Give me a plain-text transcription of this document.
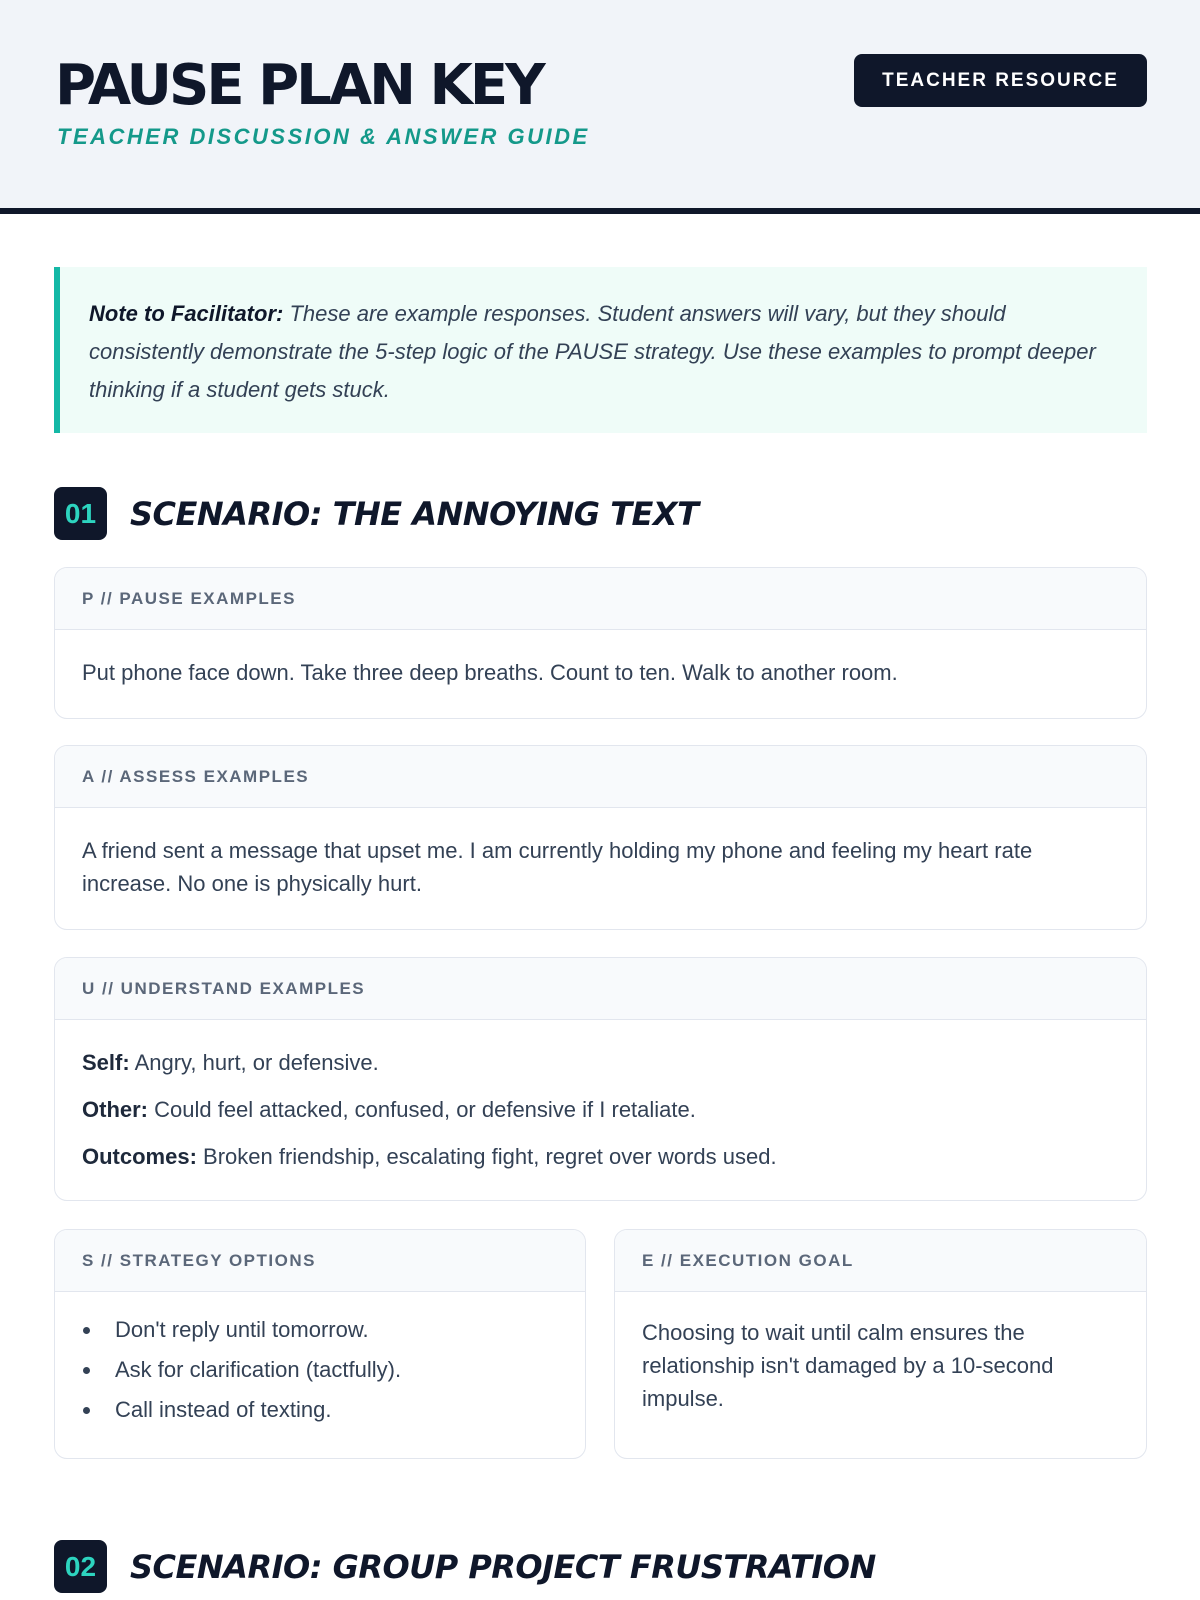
PAUSE PLAN KEY
TEACHER DISCUSSION & ANSWER GUIDE
TEACHER RESOURCE
Note to Facilitator: These are example responses. Student answers will vary, but they should consistently demonstrate the 5-step logic of the PAUSE strategy. Use these examples to prompt deeper thinking if a student gets stuck.
01	SCENARIO: THE ANNOYING TEXT
P // PAUSE EXAMPLES
Put phone face down. Take three deep breaths. Count to ten. Walk to another room.
A // ASSESS EXAMPLES
A friend sent a message that upset me. I am currently holding my phone and feeling my heart rate increase. No one is physically hurt.
U // UNDERSTAND EXAMPLES
Self: Angry, hurt, or defensive.
Other: Could feel attacked, confused, or defensive if I retaliate.
Outcomes: Broken friendship, escalating fight, regret over words used.
S // STRATEGY OPTIONS
Don't reply until tomorrow.
Ask for clarification (tactfully).
Call instead of texting.
E // EXECUTION GOAL
Choosing to wait until calm ensures the relationship isn't damaged by a 10-second impulse.
02	SCENARIO: GROUP PROJECT FRUSTRATION
